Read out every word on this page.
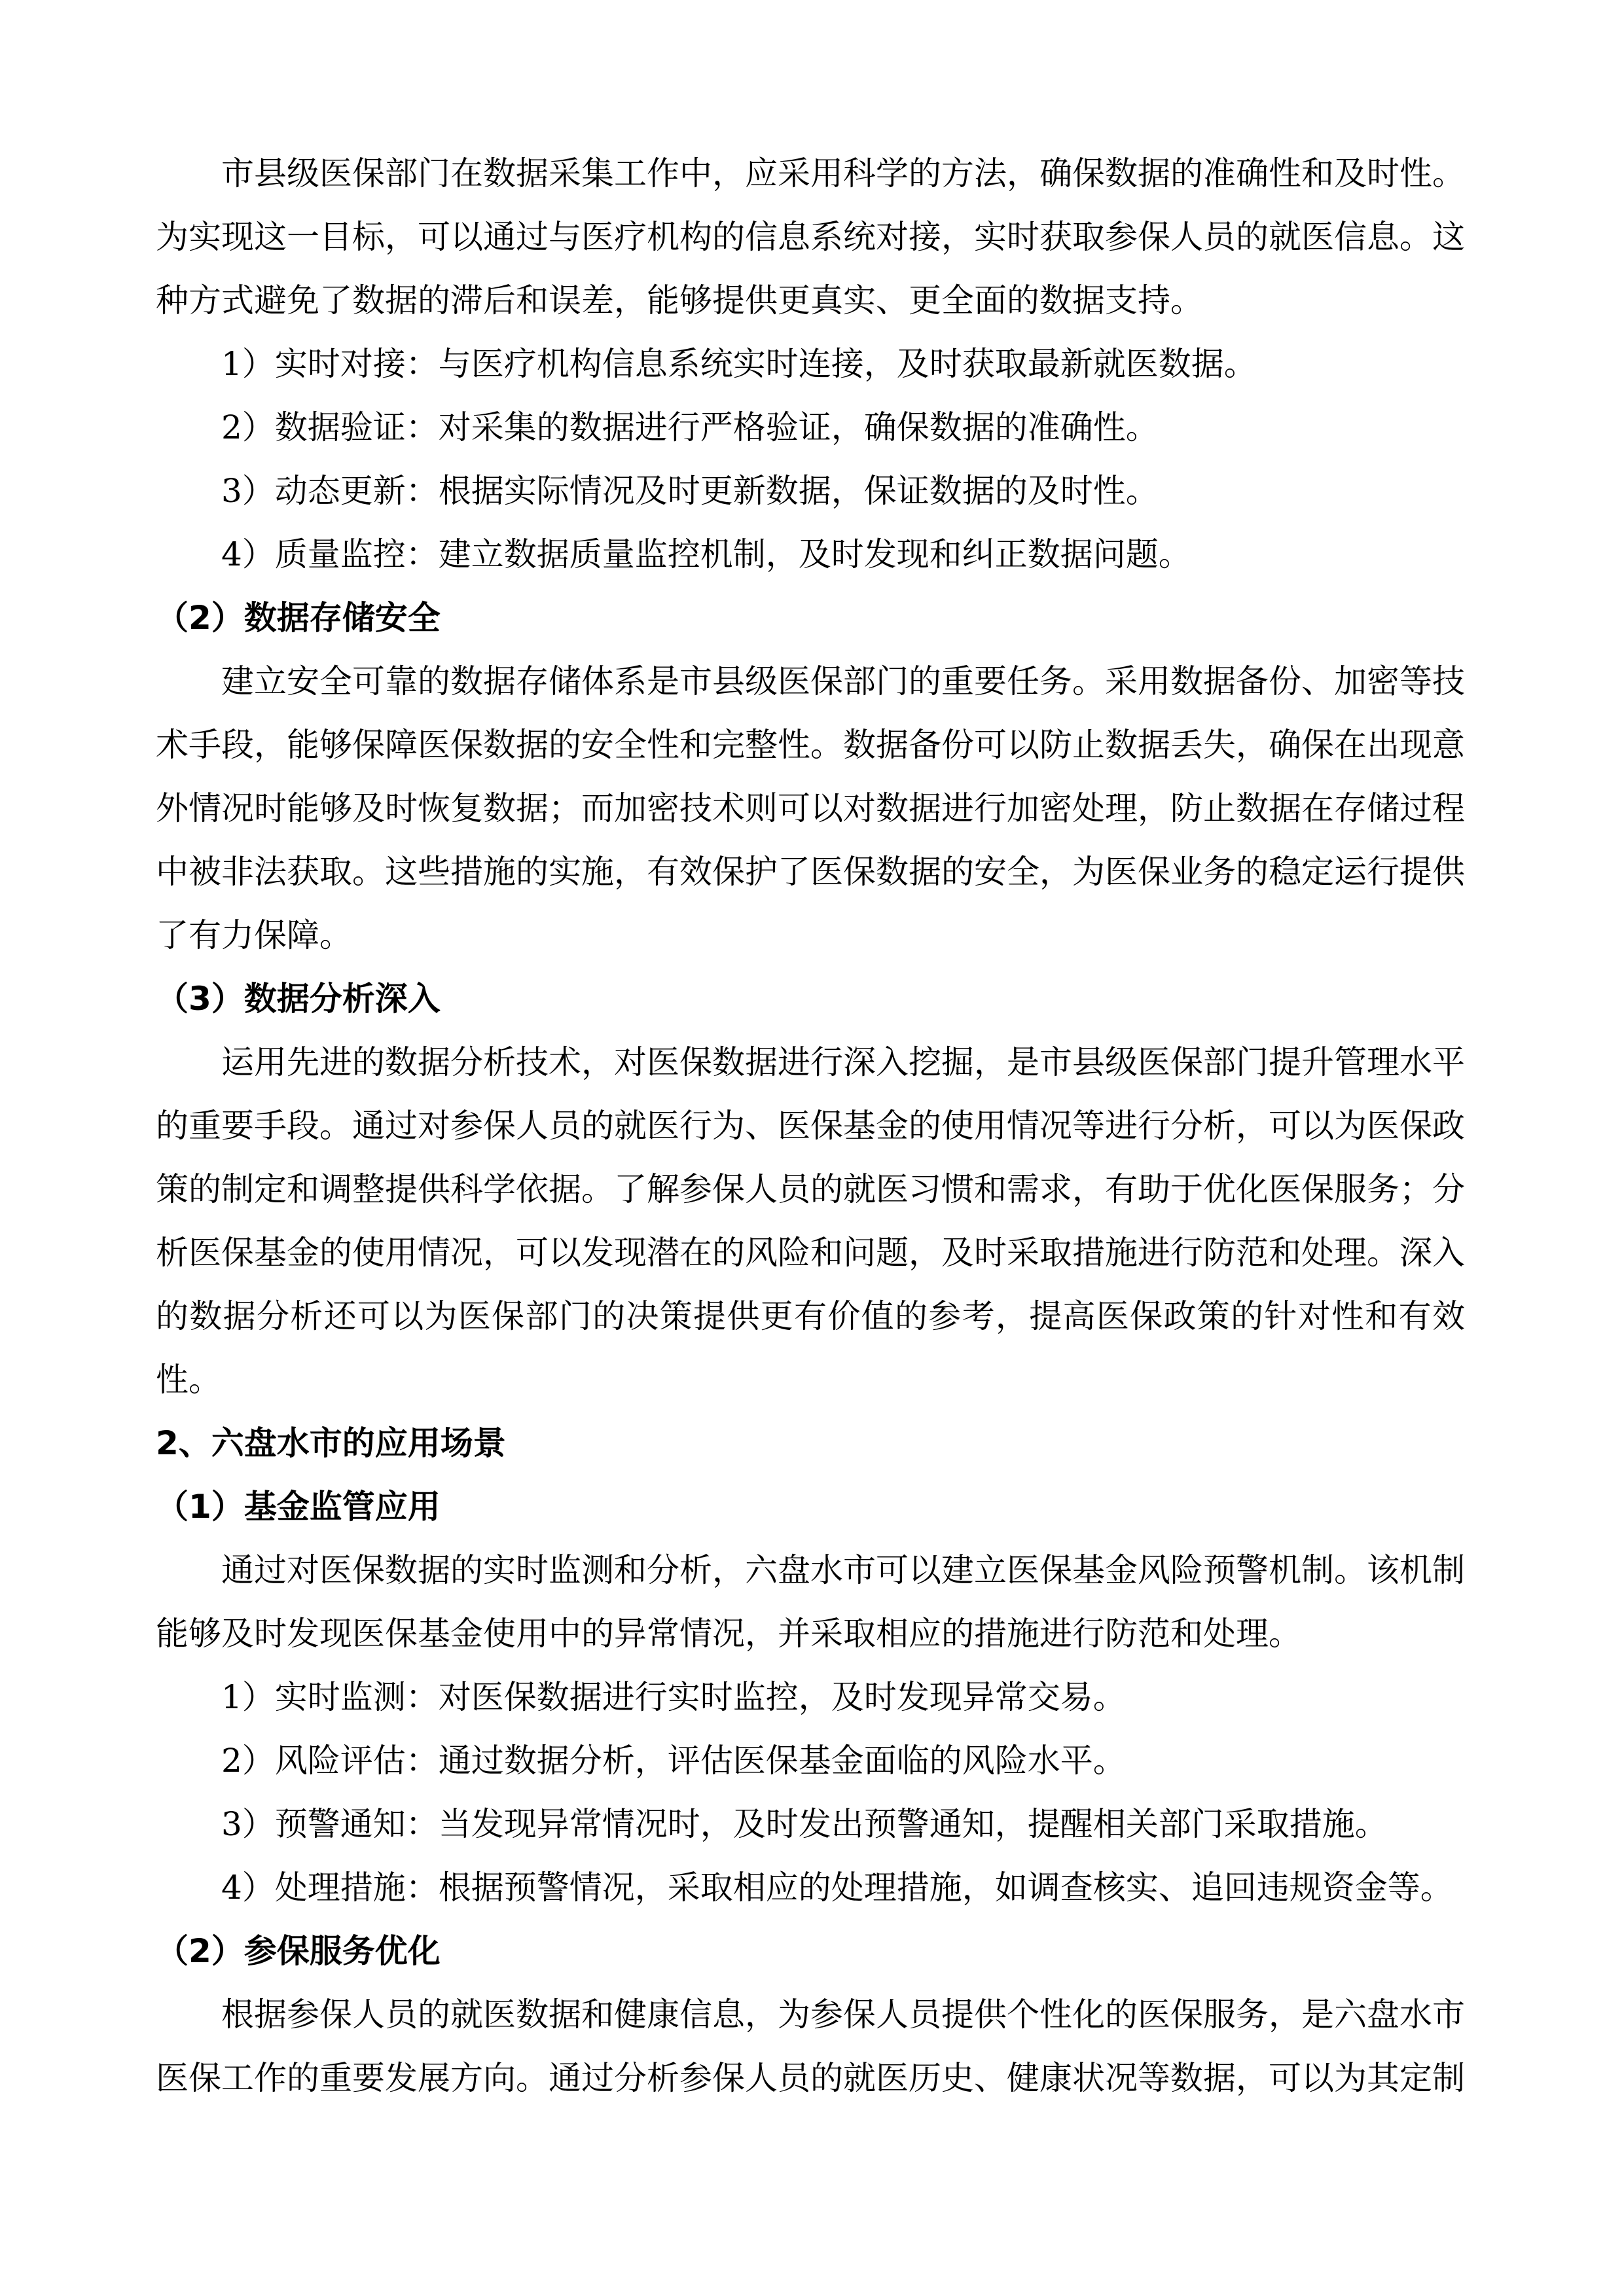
市县级医保部门在数据采集工作中，应采用科学的方法，确保数据的准确性和及时性。为实现这一目标，可以通过与医疗机构的信息系统对接，实时获取参保人员的就医信息。这种方式避免了数据的滞后和误差，能够提供更真实、更全面的数据支持。

1）实时对接：与医疗机构信息系统实时连接，及时获取最新就医数据。

2）数据验证：对采集的数据进行严格验证，确保数据的准确性。

3）动态更新：根据实际情况及时更新数据，保证数据的及时性。

4）质量监控：建立数据质量监控机制，及时发现和纠正数据问题。

（2）数据存储安全

建立安全可靠的数据存储体系是市县级医保部门的重要任务。采用数据备份、加密等技术手段，能够保障医保数据的安全性和完整性。数据备份可以防止数据丢失，确保在出现意外情况时能够及时恢复数据；而加密技术则可以对数据进行加密处理，防止数据在存储过程中被非法获取。这些措施的实施，有效保护了医保数据的安全，为医保业务的稳定运行提供了有力保障。

（3）数据分析深入

运用先进的数据分析技术，对医保数据进行深入挖掘，是市县级医保部门提升管理水平的重要手段。通过对参保人员的就医行为、医保基金的使用情况等进行分析，可以为医保政策的制定和调整提供科学依据。了解参保人员的就医习惯和需求，有助于优化医保服务；分析医保基金的使用情况，可以发现潜在的风险和问题，及时采取措施进行防范和处理。深入的数据分析还可以为医保部门的决策提供更有价值的参考，提高医保政策的针对性和有效性。

2、六盘水市的应用场景

（1）基金监管应用

通过对医保数据的实时监测和分析，六盘水市可以建立医保基金风险预警机制。该机制能够及时发现医保基金使用中的异常情况，并采取相应的措施进行防范和处理。

1）实时监测：对医保数据进行实时监控，及时发现异常交易。

2）风险评估：通过数据分析，评估医保基金面临的风险水平。

3）预警通知：当发现异常情况时，及时发出预警通知，提醒相关部门采取措施。

4）处理措施：根据预警情况，采取相应的处理措施，如调查核实、追回违规资金等。

（2）参保服务优化

根据参保人员的就医数据和健康信息，为参保人员提供个性化的医保服务，是六盘水市医保工作的重要发展方向。通过分析参保人员的就医历史、健康状况等数据，可以为其定制
